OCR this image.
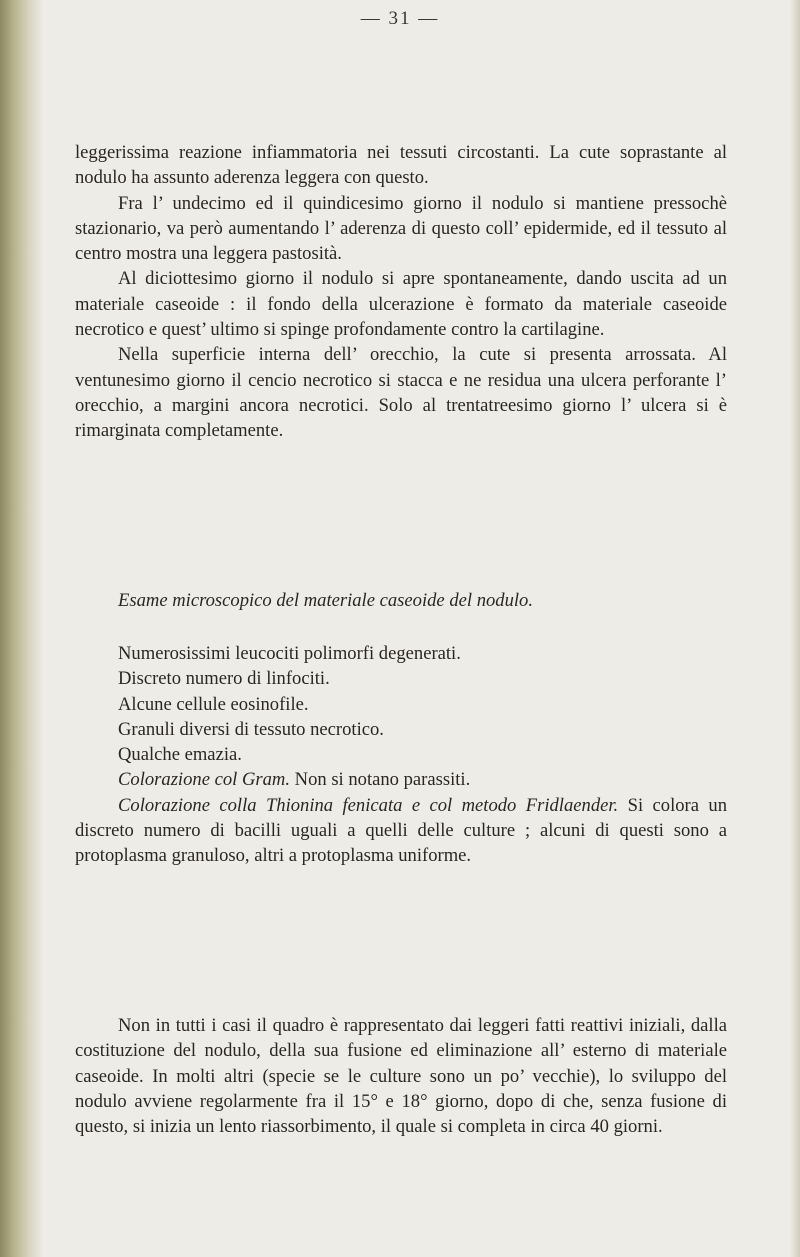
— 31 —

leggerissima reazione infiammatoria nei tessuti circostanti. La cute soprastante al nodulo ha assunto aderenza leggera con questo.

Fra l’ undecimo ed il quindicesimo giorno il nodulo si mantiene pressochè stazionario, va però aumentando l’ aderenza di questo coll’ epidermide, ed il tessuto al centro mostra una leggera pastosità.

Al diciottesimo giorno il nodulo si apre spontaneamente, dando uscita ad un materiale caseoide : il fondo della ulcerazione è formato da materiale caseoide necrotico e quest’ ultimo si spinge profondamente contro la cartilagine.

Nella superficie interna dell’ orecchio, la cute si presenta arrossata. Al ventunesimo giorno il cencio necrotico si stacca e ne residua una ulcera perforante l’ orecchio, a margini ancora necrotici. Solo al trentatreesimo giorno l’ ulcera si è rimarginata completamente.

Esame microscopico del materiale caseoide del nodulo.

Numerosissimi leucociti polimorfi degenerati.

Discreto numero di linfociti.

Alcune cellule eosinofile.

Granuli diversi di tessuto necrotico.

Qualche emazia.

Colorazione col Gram. Non si notano parassiti.

Colorazione colla Thionina fenicata e col metodo Fridlaender. Si colora un discreto numero di bacilli uguali a quelli delle culture ; alcuni di questi sono a protoplasma granuloso, altri a protoplasma uniforme.

Non in tutti i casi il quadro è rappresentato dai leggeri fatti reattivi iniziali, dalla costituzione del nodulo, della sua fusione ed eliminazione all’ esterno di materiale caseoide. In molti altri (specie se le culture sono un po’ vecchie), lo sviluppo del nodulo avviene regolarmente fra il 15° e 18° giorno, dopo di che, senza fusione di questo, si inizia un lento riassorbimento, il quale si completa in circa 40 giorni.
